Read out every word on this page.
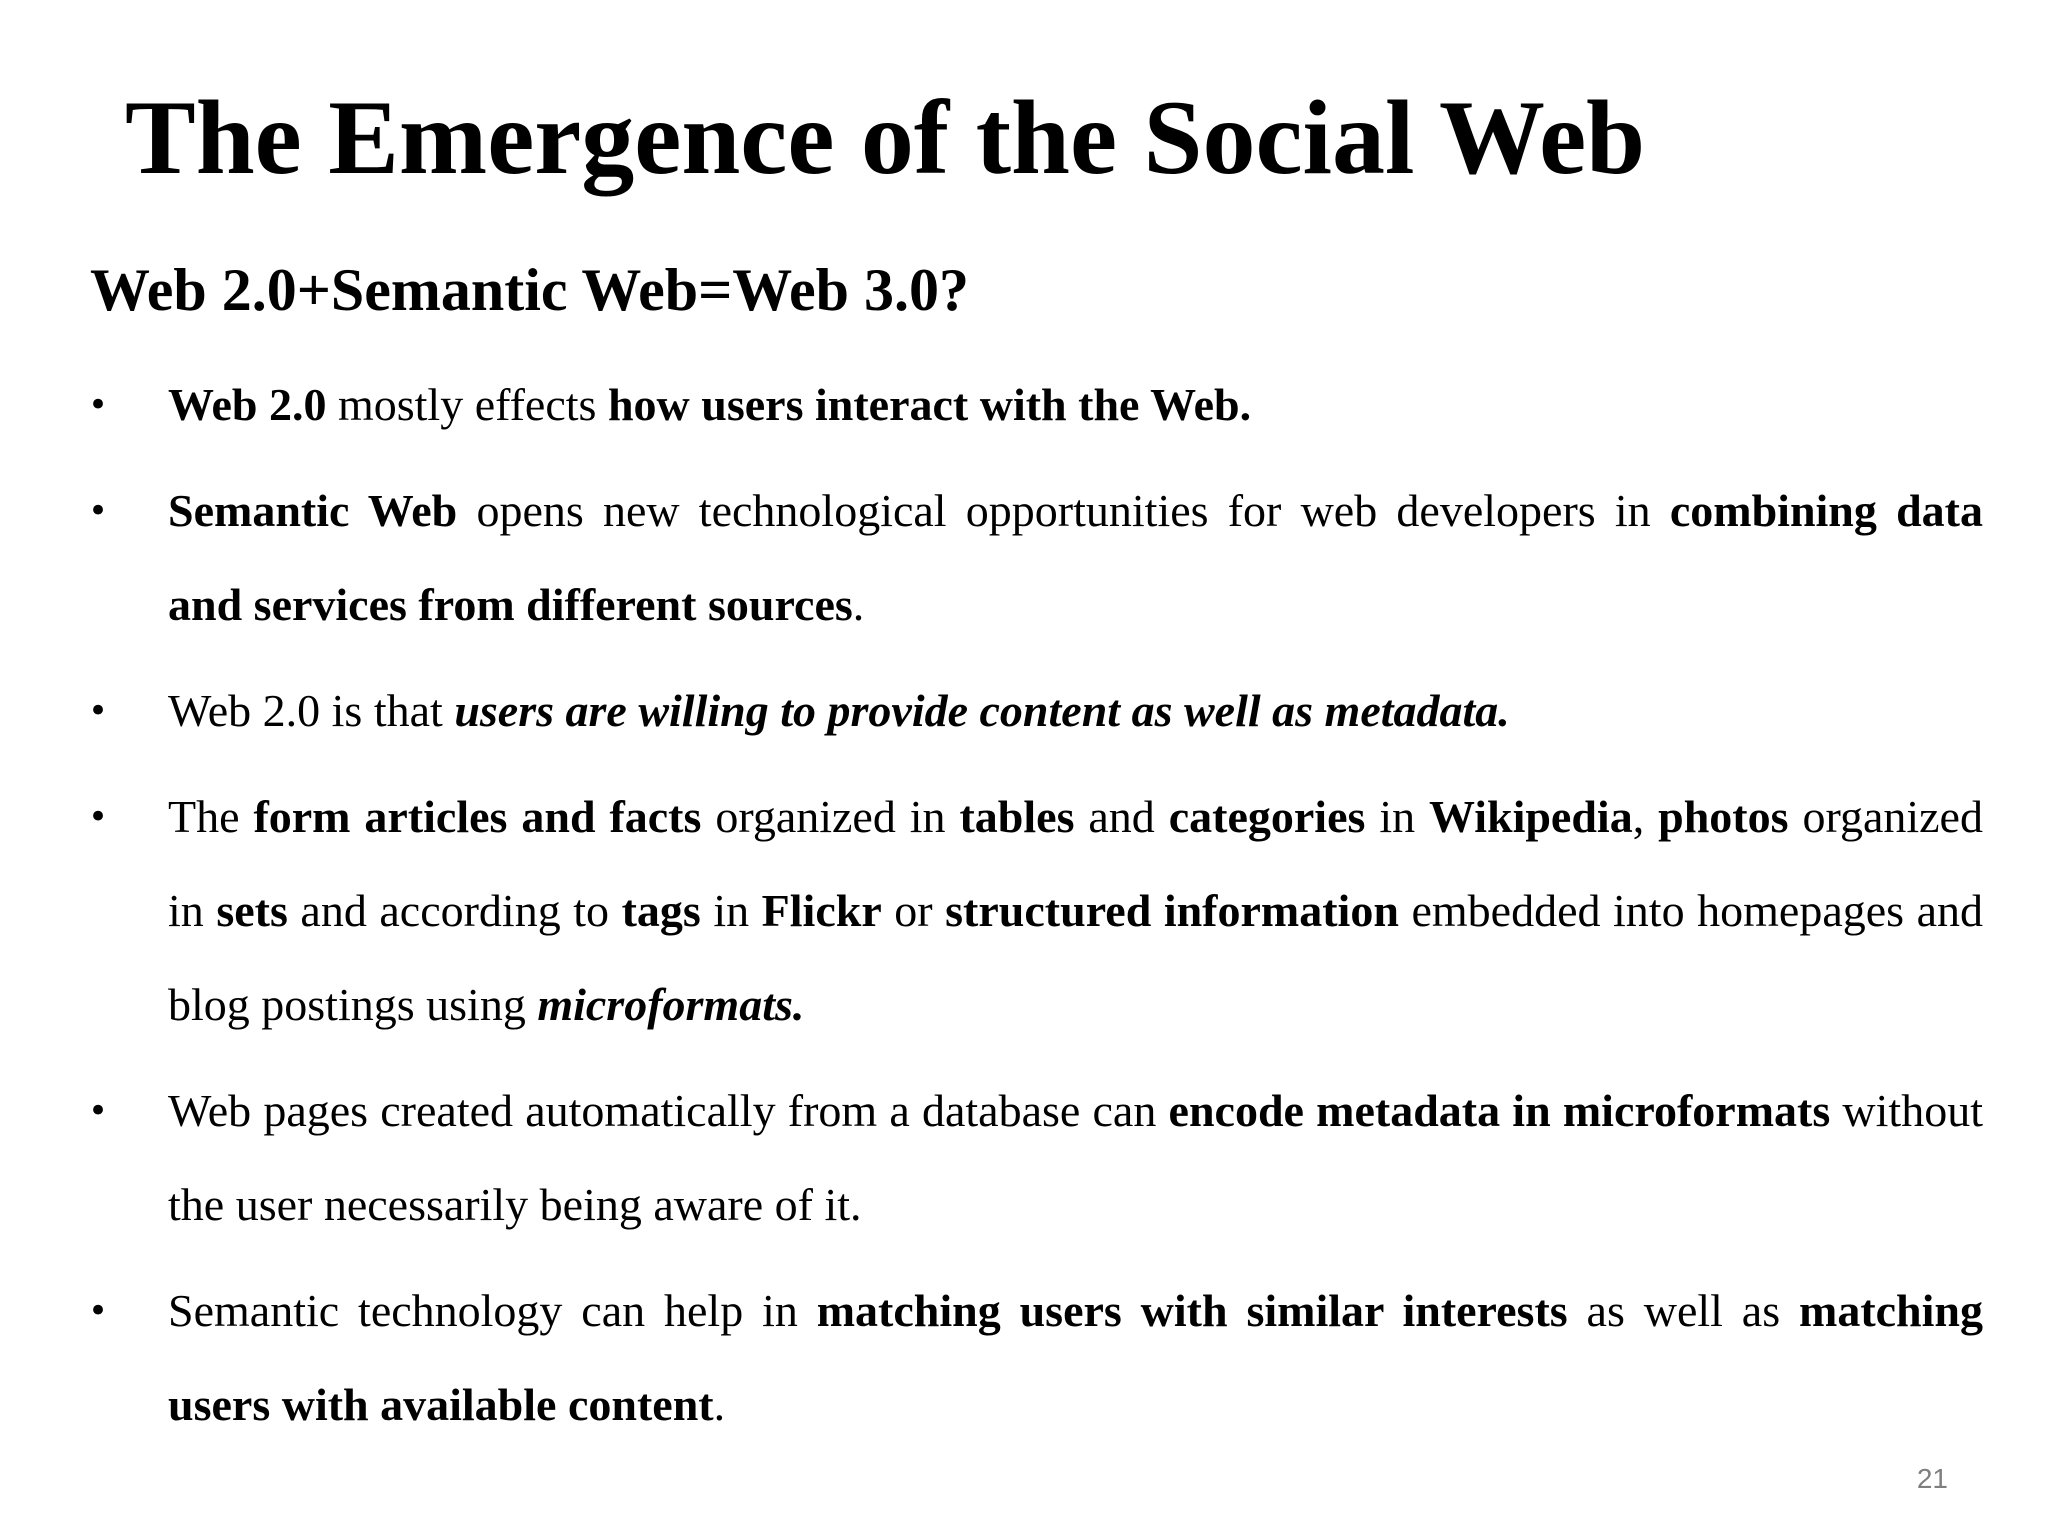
The Emergence of the Social Web
Web 2.0+Semantic Web=Web 3.0?
• Web 2.0 mostly effects how users interact with the Web.
• Semantic Web opens new technological opportunities for web developers in combining data and services from different sources.
• Web 2.0 is that users are willing to provide content as well as metadata.
• The form articles and facts organized in tables and categories in Wikipedia, photos organized in sets and according to tags in Flickr or structured information embedded into homepages and blog postings using microformats.
• Web pages created automatically from a database can encode metadata in microformats without the user necessarily being aware of it.
• Semantic technology can help in matching users with similar interests as well as matching users with available content.
21
